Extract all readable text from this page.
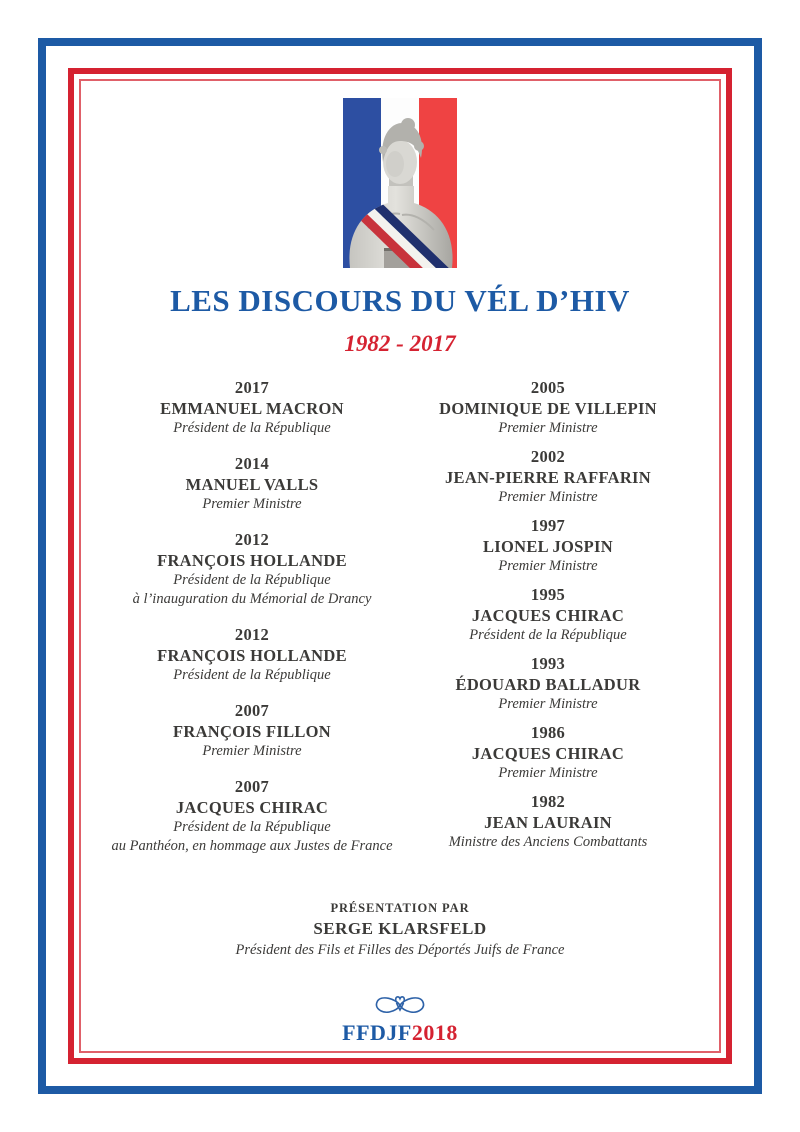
LES DISCOURS DU VÉL D’HIV
1982 - 2017
2017
EMMANUEL MACRON
Président de la République
2014
MANUEL VALLS
Premier Ministre
2012
FRANÇOIS HOLLANDE
Président de la République
à l’inauguration du Mémorial de Drancy
2012
FRANÇOIS HOLLANDE
Président de la République
2007
FRANÇOIS FILLON
Premier Ministre
2007
JACQUES CHIRAC
Président de la République
au Panthéon, en hommage aux Justes de France
2005
DOMINIQUE DE VILLEPIN
Premier Ministre
2002
JEAN-PIERRE RAFFARIN
Premier Ministre
1997
LIONEL JOSPIN
Premier Ministre
1995
JACQUES CHIRAC
Président de la République
1993
ÉDOUARD BALLADUR
Premier Ministre
1986
JACQUES CHIRAC
Premier Ministre
1982
JEAN LAURAIN
Ministre des Anciens Combattants
PRÉSENTATION PAR
SERGE KLARSFELD
Président des Fils et Filles des Déportés Juifs de France
FFDJF2018
